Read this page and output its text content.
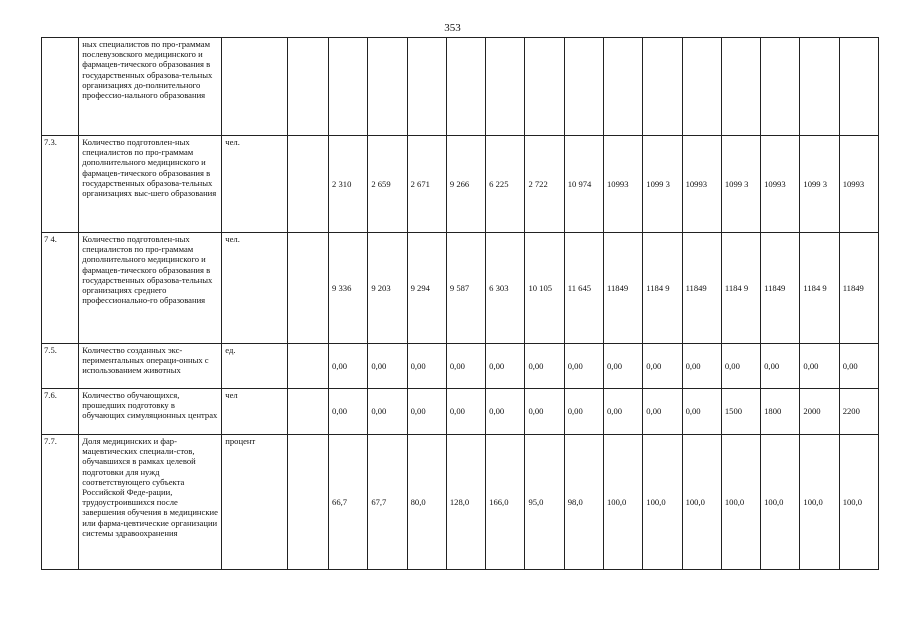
353
	ных специалистов по про-граммам послевузовского медицинского и фармацев-тического образования в государственных образова-тельных организациях до-полнительного профессио-нального образования																
7.3.	Количество подготовлен-ных специалистов по про-граммам дополнительного медицинского и фармацев-тического образования в государственных образова-тельных организациях выс-шего образования	чел.		2 310	2 659	2 671	9 266	6 225	2 722	10 974	10993	1099 3	10993	1099 3	10993	1099 3	10993
7 4.	Количество подготовлен-ных специалистов по про-граммам дополнительного медицинского и фармацев-тического образования в государственных образова-тельных организациях среднего профессионально-го образования	чел.		9 336	9 203	9 294	9 587	6 303	10 105	11 645	11849	1184 9	11849	1184 9	11849	1184 9	11849
7.5.	Количество созданных экс-периментальных операци-онных с использованием животных	ед.		0,00	0,00	0,00	0,00	0,00	0,00	0,00	0,00	0,00	0,00	0,00	0,00	0,00	0,00
7.6.	Количество обучающихся, прошедших подготовку в обучающих симуляционных центрах	чел		0,00	0,00	0,00	0,00	0,00	0,00	0,00	0,00	0,00	0,00	1500	1800	2000	2200
7.7.	Доля медицинских и фар-мацевтических специали-стов, обучавшихся в рамках целевой подготовки для нужд соответствующего субъекта Российской Феде-рации, трудоустроившихся после завершения обучения в медицинские или фарма-цевтические организации системы здравоохранения	процент		66,7	67,7	80,0	128,0	166,0	95,0	98,0	100,0	100,0	100,0	100,0	100,0	100,0	100,0
